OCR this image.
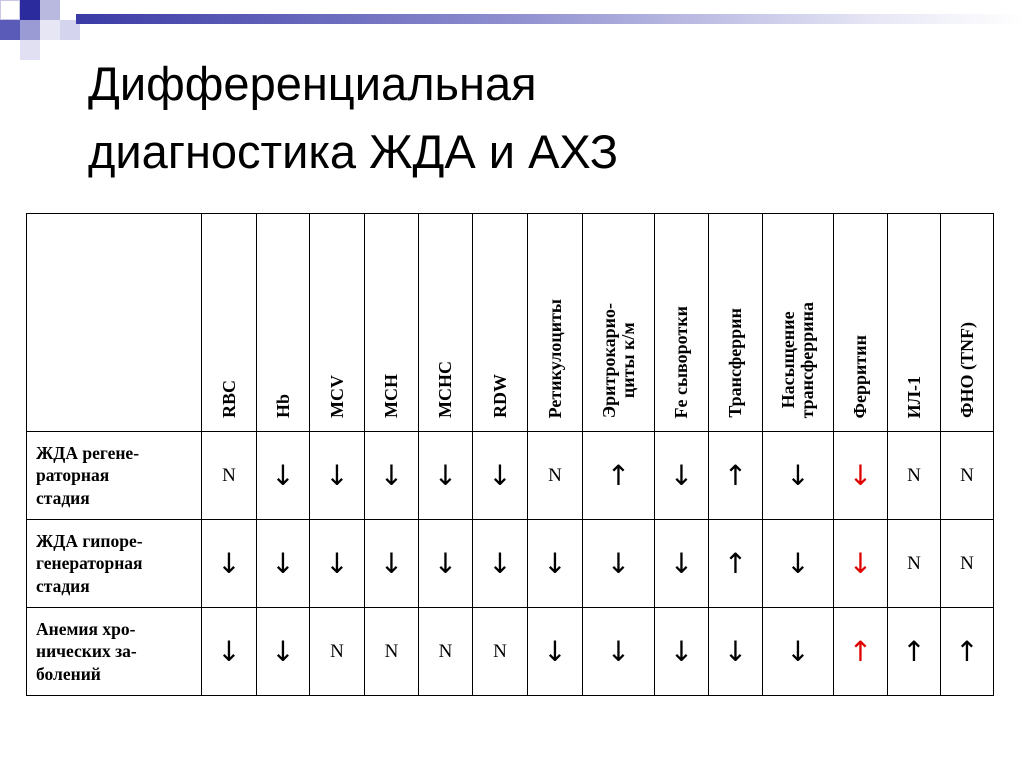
Дифференциальная
диагностика ЖДА и АХЗ
	RBC	Hb	MCV	MCH	MCHC	RDW	Ретикулоциты	Эритрокарио-
циты к/м	Fe сыворотки	Трансферрин	Насыщение
трансферрина	Ферритин	ИЛ-1	ФНО (TNF)
ЖДА регене-
раторная
стадия	N	↓	↓	↓	↓	↓	N	↑	↓	↑	↓	↓	N	N
ЖДА гипоре-
генераторная
стадия	↓	↓	↓	↓	↓	↓	↓	↓	↓	↑	↓	↓	N	N
Анемия хро-
нических за-
болений	↓	↓	N	N	N	N	↓	↓	↓	↓	↓	↑	↑	↑
